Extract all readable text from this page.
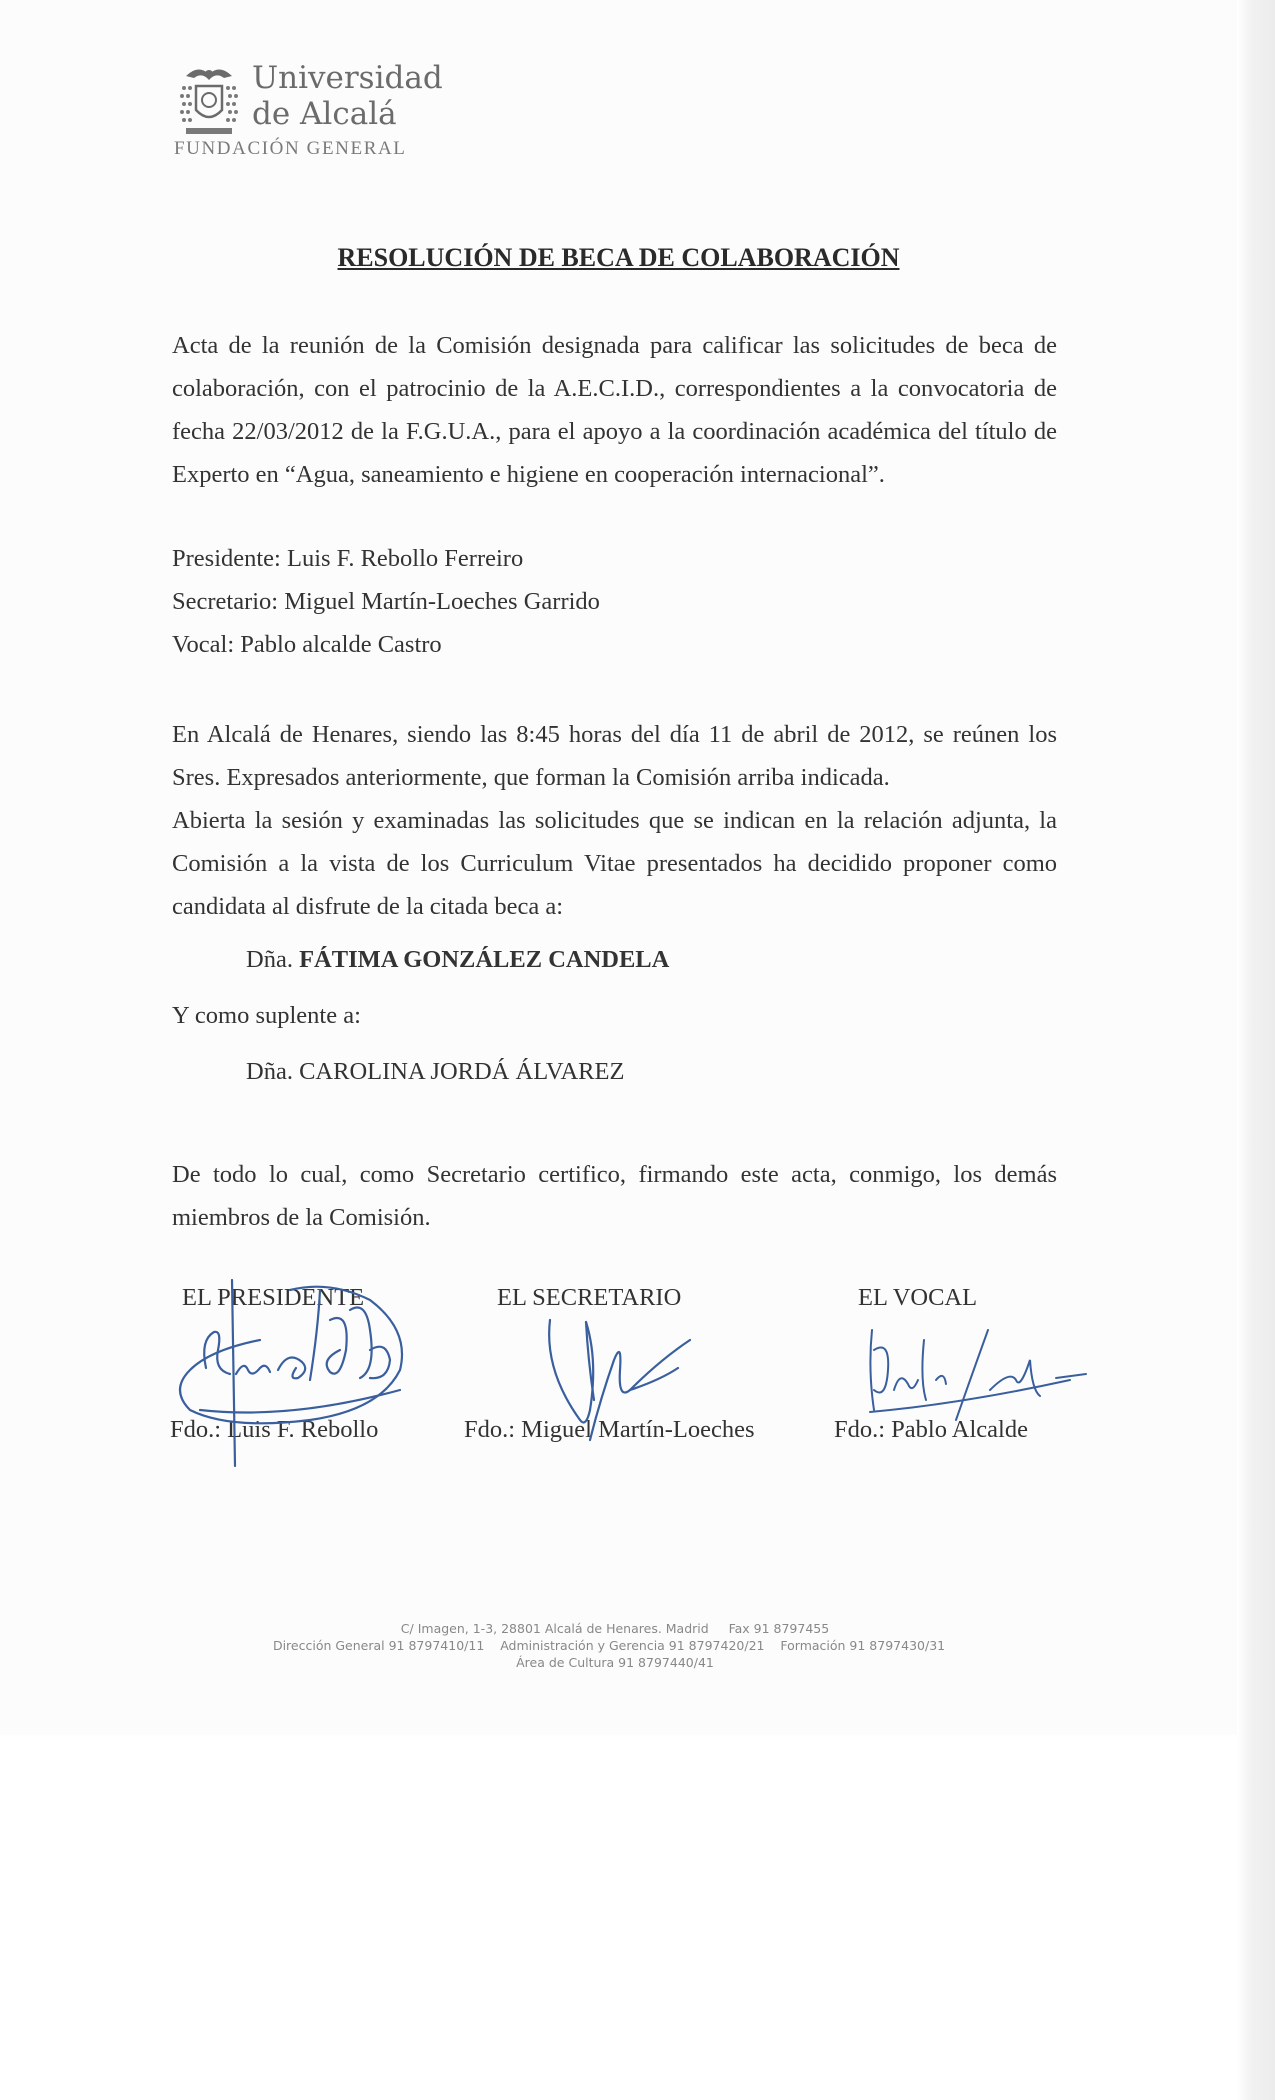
Universidad
de Alcalá
FUNDACIÓN GENERAL
RESOLUCIÓN DE BECA DE COLABORACIÓN
Acta de la reunión de la Comisión designada para calificar las solicitudes de beca de colaboración, con el patrocinio de la A.E.C.I.D., correspondientes a la convocatoria de fecha 22/03/2012 de la F.G.U.A., para el apoyo a la coordinación académica del título de Experto en “Agua, saneamiento e higiene en cooperación internacional”.
Presidente: Luis F. Rebollo Ferreiro
Secretario: Miguel Martín-Loeches Garrido
Vocal: Pablo alcalde Castro
En Alcalá de Henares, siendo las 8:45 horas del día 11 de abril de 2012, se reúnen los Sres. Expresados anteriormente, que forman la Comisión arriba indicada.
Abierta la sesión y examinadas las solicitudes que se indican en la relación adjunta, la Comisión a la vista de los Curriculum Vitae presentados ha decidido proponer como candidata al disfrute de la citada beca a:
Dña. FÁTIMA GONZÁLEZ CANDELA
Y como suplente a:
Dña. CAROLINA JORDÁ ÁLVAREZ
De todo lo cual, como Secretario certifico, firmando este acta, conmigo, los demás miembros de la Comisión.
EL PRESIDENTE	EL SECRETARIO	EL VOCAL
Fdo.: Luis F. Rebollo	Fdo.: Miguel Martín-Loeches	Fdo.: Pablo Alcalde
C/ Imagen, 1-3, 28801 Alcalá de Henares. Madrid Fax 91 8797455
Dirección General 91 8797410/11 Administración y Gerencia 91 8797420/21 Formación 91 8797430/31    Área de Cultura 91 8797440/41
